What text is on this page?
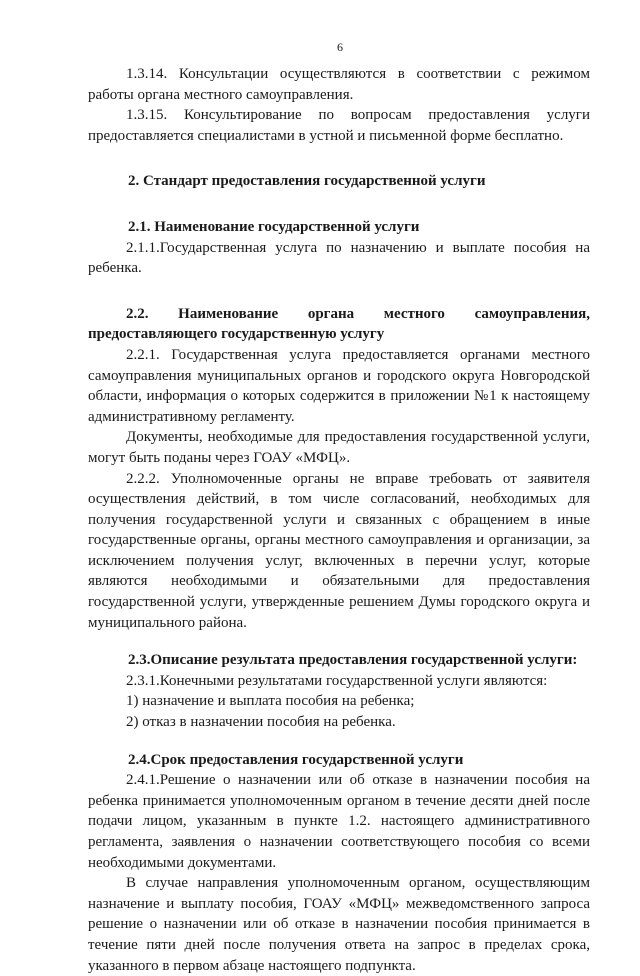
6

1.3.14. Консультации осуществляются в соответствии с режимом работы органа местного самоуправления.

1.3.15. Консультирование по вопросам предоставления услуги предоставляется специалистами в устной и письменной форме бесплатно.

2. Стандарт предоставления государственной услуги

2.1. Наименование государственной услуги

2.1.1.Государственная услуга по назначению и выплате пособия на ребенка.

2.2. Наименование органа местного самоуправления,

предоставляющего государственную услугу

2.2.1. Государственная услуга предоставляется органами местного самоуправления муниципальных органов и городского округа Новгородской области, информация о которых содержится в приложении №1 к настоящему административному регламенту.

Документы, необходимые для предоставления государственной услуги, могут быть поданы через ГОАУ «МФЦ».

2.2.2. Уполномоченные органы не вправе требовать от заявителя осуществления действий, в том числе согласований, необходимых для получения государственной услуги и связанных с обращением в иные государственные органы, органы местного самоуправления и организации, за исключением получения услуг, включенных в перечни услуг, которые являются необходимыми и обязательными для предоставления государственной услуги, утвержденные решением Думы городского округа и муниципального района.

2.3.Описание результата предоставления государственной услуги:

2.3.1.Конечными результатами государственной услуги являются:

1) назначение и выплата пособия на ребенка;

2) отказ в назначении пособия на ребенка.

2.4.Срок предоставления государственной услуги

2.4.1.Решение о назначении или об отказе в назначении пособия на ребенка принимается уполномоченным органом в течение десяти дней после подачи лицом, указанным в пункте 1.2. настоящего административного регламента, заявления о назначении соответствующего пособия со всеми необходимыми документами.

В случае направления уполномоченным органом, осуществляющим назначение и выплату пособия, ГОАУ «МФЦ» межведомственного запроса решение о назначении или об отказе в назначении пособия принимается в течение пяти дней после получения ответа на запрос в пределах срока, указанного в первом абзаце настоящего подпункта.
